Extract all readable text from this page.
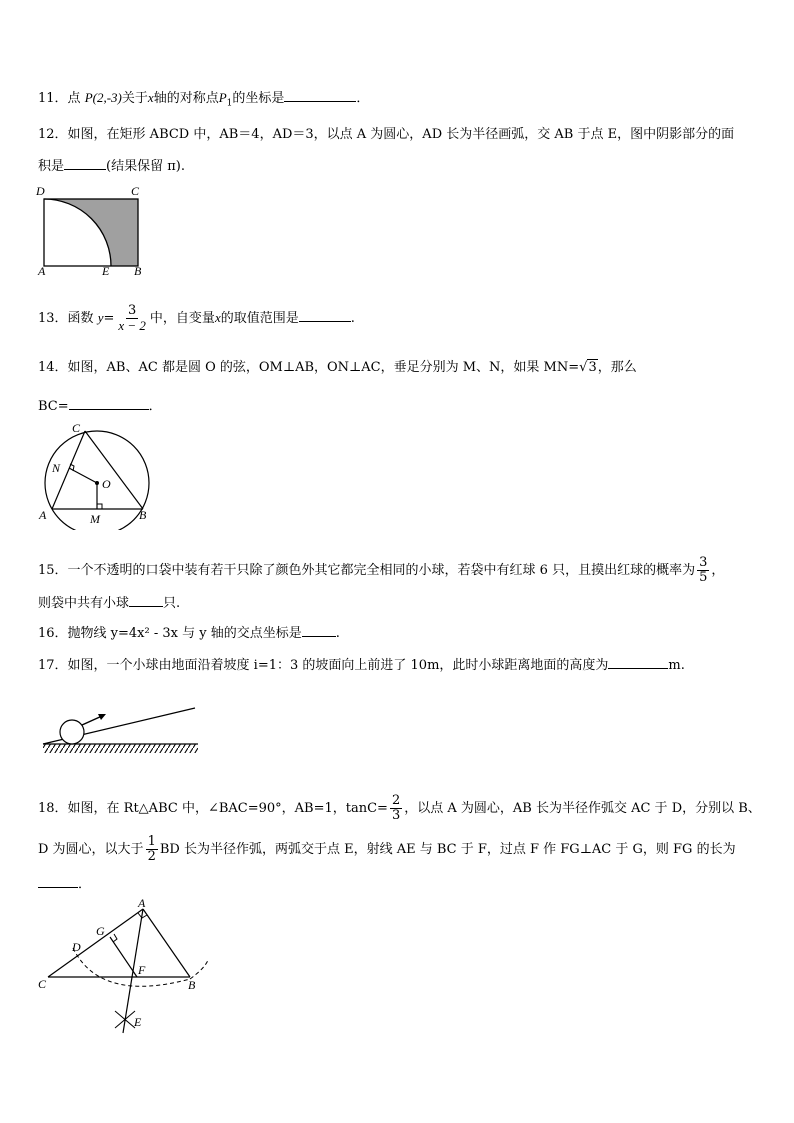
11．点 P(2,-3)关于x轴的对称点$P_1$的坐标是	．
12．如图，在矩形 ABCD 中，AB＝4，AD＝3，以点 A 为圆心，AD 长为半径画弧，交 AB 于点 E，图中阴影部分的面
积是	(结果保留 π).
D	C
A	E B
13．函数 $y= \frac{3}{x - 2}$ 中，自变量x的取值范围是	.
14．如图，AB、AC 都是圆 O 的弦，OM⊥AB，ON⊥AC，垂足分别为 M、N，如果 MN=√3，那么
BC=	．
C
N
O
A	M	B
15．一个不透明的口袋中装有若干只除了颜色外其它都完全相同的小球，若袋中有红球 6 只，且摸出红球的概率为 $\frac{3}{5}$ ，
则袋中共有小球	只.
16．抛物线 y=4x² - 3x 与 y 轴的交点坐标是	.
17．如图，一个小球由地面沿着坡度 i=1：3 的坡面向上前进了 10m，此时小球距离地面的高度为	m.
18．如图，在 Rt△ABC 中，∠BAC=90°，AB=1，$\tan C= \frac{2}{3}$ ，以点 A 为圆心，AB 长为半径作弧交 AC 于 D，分别以 B、
D 为圆心，以大于 $\frac{1}{2}$ BD 长为半径作弧，两弧交于点 E，射线 AE 与 BC 于 F，过点 F 作 FG⊥AC 于 G，则 FG 的长为
．
A
G
D
C
F
B
E
